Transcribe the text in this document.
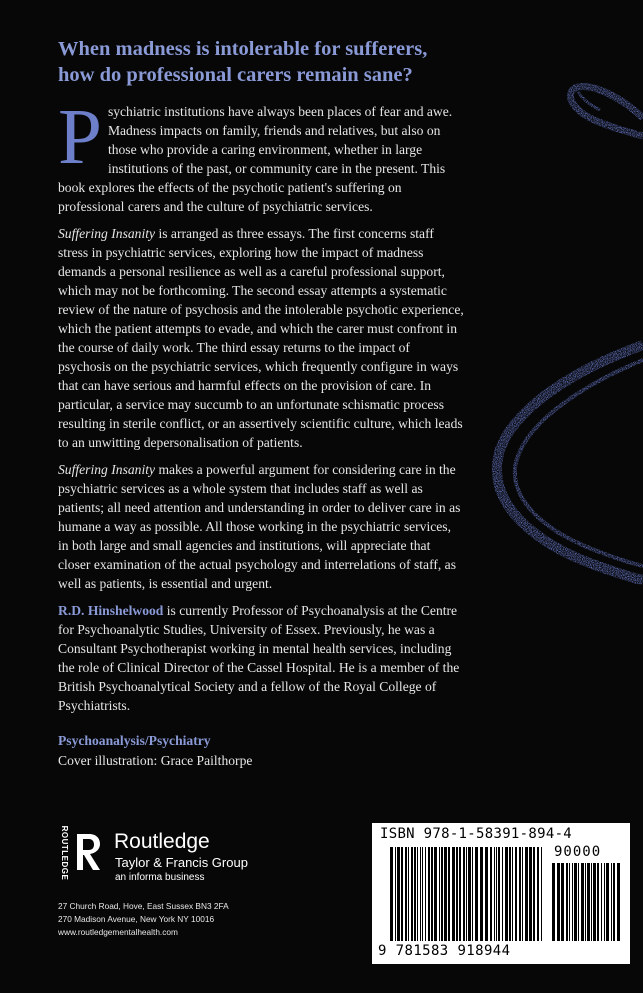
When madness is intolerable for sufferers,
how do professional carers remain sane?

Psychiatric institutions have always been places of fear and awe. Madness impacts on family, friends and relatives, but also on those who provide a caring environment, whether in large institutions of the past, or community care in the present. This book explores the effects of the psychotic patient's suffering on professional carers and the culture of psychiatric services.

Suffering Insanity is arranged as three essays. The first concerns staff stress in psychiatric services, exploring how the impact of madness demands a personal resilience as well as a careful professional support, which may not be forthcoming. The second essay attempts a systematic review of the nature of psychosis and the intolerable psychotic experience, which the patient attempts to evade, and which the carer must confront in the course of daily work. The third essay returns to the impact of psychosis on the psychiatric services, which frequently configure in ways that can have serious and harmful effects on the provision of care. In particular, a service may succumb to an unfortunate schismatic process resulting in sterile conflict, or an assertively scientific culture, which leads to an unwitting depersonalisation of patients.

Suffering Insanity makes a powerful argument for considering care in the psychiatric services as a whole system that includes staff as well as patients; all need attention and understanding in order to deliver care in as humane a way as possible. All those working in the psychiatric services, in both large and small agencies and institutions, will appreciate that closer examination of the actual psychology and interrelations of staff, as well as patients, is essential and urgent.

R.D. Hinshelwood is currently Professor of Psychoanalysis at the Centre for Psychoanalytic Studies, University of Essex. Previously, he was a Consultant Psychotherapist working in mental health services, including the role of Clinical Director of the Cassel Hospital. He is a member of the British Psychoanalytical Society and a fellow of the Royal College of Psychiatrists.

Psychoanalysis/Psychiatry
Cover illustration: Grace Pailthorpe
ROUTLEDGE Routledge
Taylor & Francis Group
an informa business
27 Church Road, Hove, East Sussex BN3 2FA
270 Madison Avenue, New York NY 10016
www.routledgementalhealth.com
ISBN 978-1-58391-894-4
90000
9 781583 918944
